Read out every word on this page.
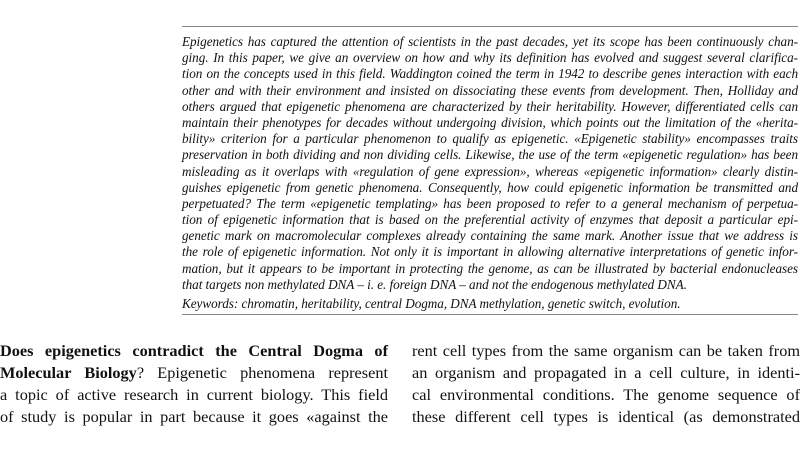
Epigenetics has captured the attention of scientists in the past decades, yet its scope has been continuously chan-
ging. In this paper, we give an overview on how and why its definition has evolved and suggest several clarifica-
tion on the concepts used in this field. Waddington coined the term in 1942 to describe genes interaction with each
other and with their environment and insisted on dissociating these events from development. Then, Holliday and
others argued that epigenetic phenomena are characterized by their heritability. However, differentiated cells can
maintain their phenotypes for decades without undergoing division, which points out the limitation of the «herita-
bility» criterion for a particular phenomenon to qualify as epigenetic. «Epigenetic stability» encompasses traits
preservation in both dividing and non dividing cells. Likewise, the use of the term «epigenetic regulation» has been
misleading as it overlaps with «regulation of gene expression», whereas «epigenetic information» clearly distin-
guishes epigenetic from genetic phenomena. Consequently, how could epigenetic information be transmitted and
perpetuated? The term «epigenetic templating» has been proposed to refer to a general mechanism of perpetua-
tion of epigenetic information that is based on the preferential activity of enzymes that deposit a particular epi-
genetic mark on macromolecular complexes already containing the same mark. Another issue that we address is
the role of epigenetic information. Not only it is important in allowing alternative interpretations of genetic infor-
mation, but it appears to be important in protecting the genome, as can be illustrated by bacterial endonucleases
that targets non methylated DNA – i. e. foreign DNA – and not the endogenous methylated DNA.
Keywords: chromatin, heritability, central Dogma, DNA methylation, genetic switch, evolution.
Does epigenetics contradict the Central Dogma of
Molecular Biology? Epigenetic phenomena represent
a topic of active research in current biology. This field
of study is popular in part because it goes «against the
rent cell types from the same organism can be taken from
an organism and propagated in a cell culture, in identi-
cal environmental conditions. The genome sequence of
these different cell types is identical (as demonstrated
